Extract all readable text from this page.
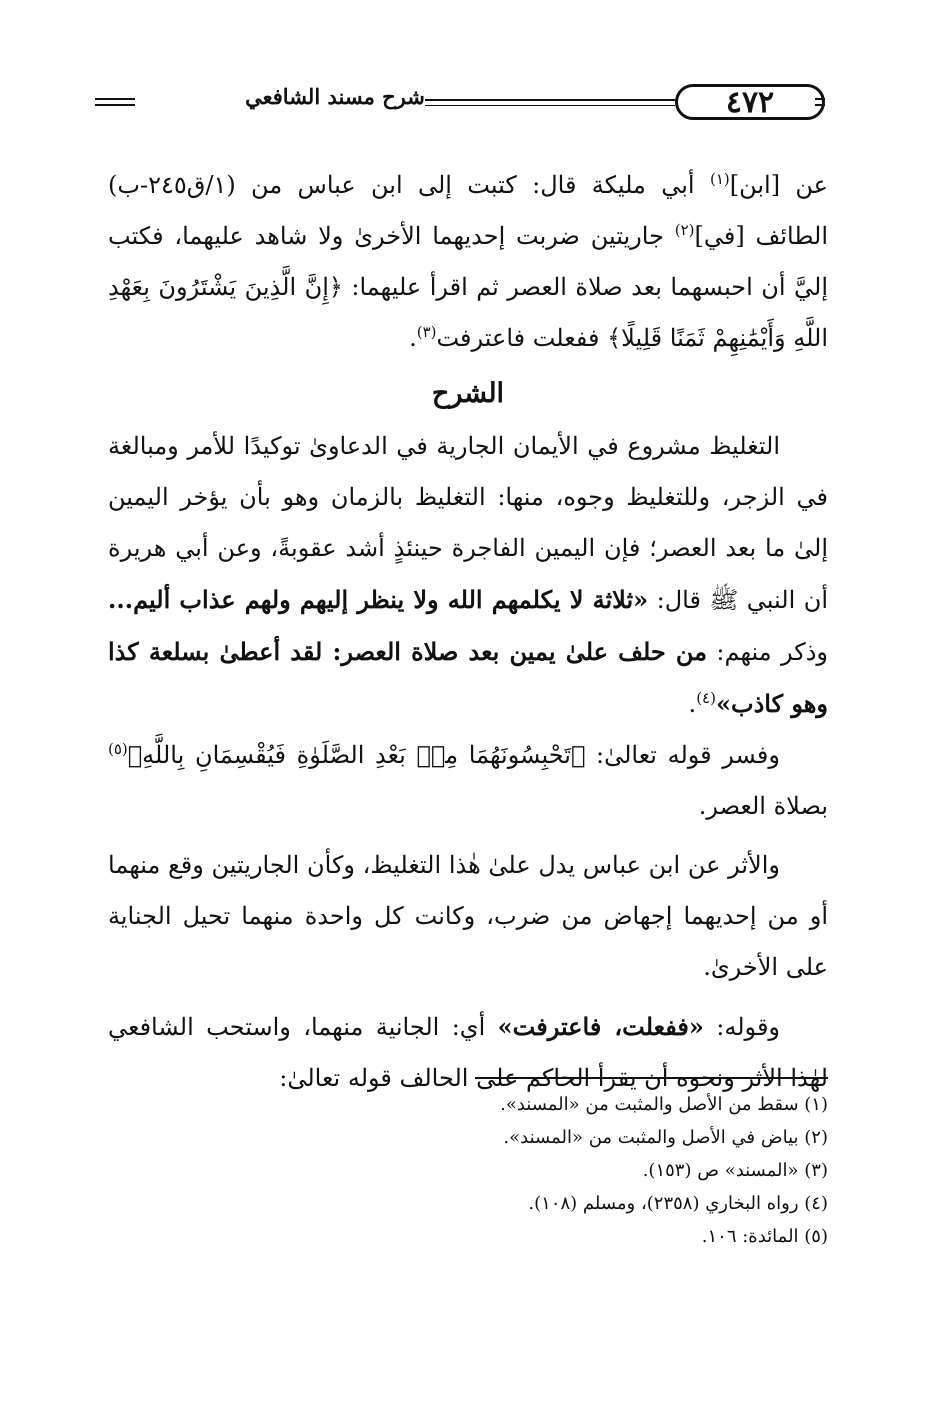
شرح مسند الشافعي	٤٧٢

عن [ابن]$^{(١)}$ أبي مليكة قال: كتبت إلى ابن عباس من (١/ق٢٤٥-ب) الطائف [في]$^{(٢)}$ جاريتين ضربت إحديهما الأخرىٰ ولا شاهد عليهما، فكتب إليَّ أن احبسهما بعد صلاة العصر ثم اقرأ عليهما: ﴿إِنَّ الَّذِينَ يَشْتَرُونَ بِعَهْدِ اللَّهِ وَأَيْمَٰنِهِمْ ثَمَنًا قَلِيلًا﴾ ففعلت فاعترفت$^{(٣)}$.

الشرح

التغليظ مشروع في الأيمان الجارية في الدعاوىٰ توكيدًا للأمر ومبالغة في الزجر، وللتغليظ وجوه، منها: التغليظ بالزمان وهو بأن يؤخر اليمين إلىٰ ما بعد العصر؛ فإن اليمين الفاجرة حينئذٍ أشد عقوبةً، وعن أبي هريرة أن النبي ﷺ قال: «ثلاثة لا يكلمهم الله ولا ينظر إليهم ولهم عذاب أليم... وذكر منهم: من حلف علىٰ يمين بعد صلاة العصر: لقد أعطىٰ بسلعة كذا وهو كاذب»$^{(٤)}$.

وفسر قوله تعالىٰ: ﴿تَحْبِسُونَهُمَا مِنۢ بَعْدِ الصَّلَوٰةِ فَيُقْسِمَانِ بِاللَّهِ﴾$^{(٥)}$ بصلاة العصر.

والأثر عن ابن عباس يدل علىٰ هٰذا التغليظ، وكأن الجاريتين وقع منهما أو من إحديهما إجهاض من ضرب، وكانت كل واحدة منهما تحيل الجناية على الأخرىٰ.

وقوله: «ففعلت، فاعترفت» أي: الجانية منهما، واستحب الشافعي لهٰذا الأثر ونحوه أن يقرأ الحاكم على الحالف قوله تعالىٰ:

(١) سقط من الأصل والمثبت من «المسند».
(٢) بياض في الأصل والمثبت من «المسند».
(٣) «المسند» ص (١٥٣).
(٤) رواه البخاري (٢٣٥٨)، ومسلم (١٠٨).
(٥) المائدة: ١٠٦.
